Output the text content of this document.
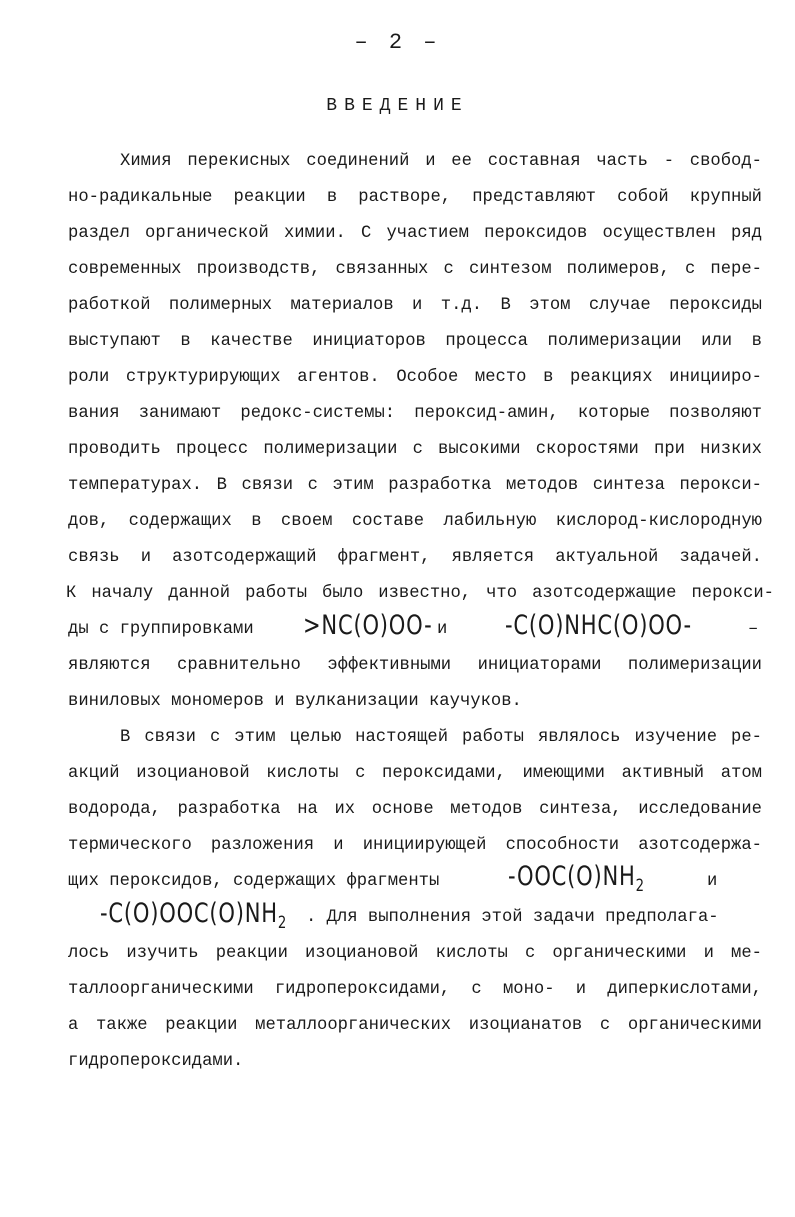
– 2 –
ВВЕДЕНИЕ
Химия перекисных соединений и ее составная часть - свобод-
но-радикальные реакции в растворе, представляют собой крупный
раздел органической химии. С участием пероксидов осуществлен ряд
современных производств, связанных с синтезом полимеров, с пере-
работкой полимерных материалов и т.д. В этом случае пероксиды
выступают в качестве инициаторов процесса полимеризации или в
роли структурирующих агентов. Особое место в реакциях иницииро-
вания занимают редокс-системы: пероксид-амин, которые позволяют
проводить процесс полимеризации с высокими скоростями при низких
температурах. В связи с этим разработка методов синтеза перокси-
дов, содержащих в своем составе лабильную кислород-кислородную
связь и азотсодержащий фрагмент, является актуальной задачей.
К началу данной работы было известно, что азотсодержащие перокси-
ды с группировками >NC(O)OO- и -C(O)NHC(O)OO-	–
являются сравнительно эффективными инициаторами полимеризации
виниловых мономеров и вулканизации каучуков.
В связи с этим целью настоящей работы являлось изучение ре-
акций изоциановой кислоты с пероксидами, имеющими активный атом
водорода, разработка на их основе методов синтеза, исследование
термического разложения и инициирующей способности азотсодержа-
щих пероксидов, содержащих фрагменты	$-OOC(O)NH_2$	и
$-C(O)OOC(O)NH_2$ . Для выполнения этой задачи предполага-
лось изучить реакции изоциановой кислоты с органическими и ме-
таллоорганическими гидропероксидами, с моно- и диперкислотами,
а также реакции металлоорганических изоцианатов с органическими
гидропероксидами.
